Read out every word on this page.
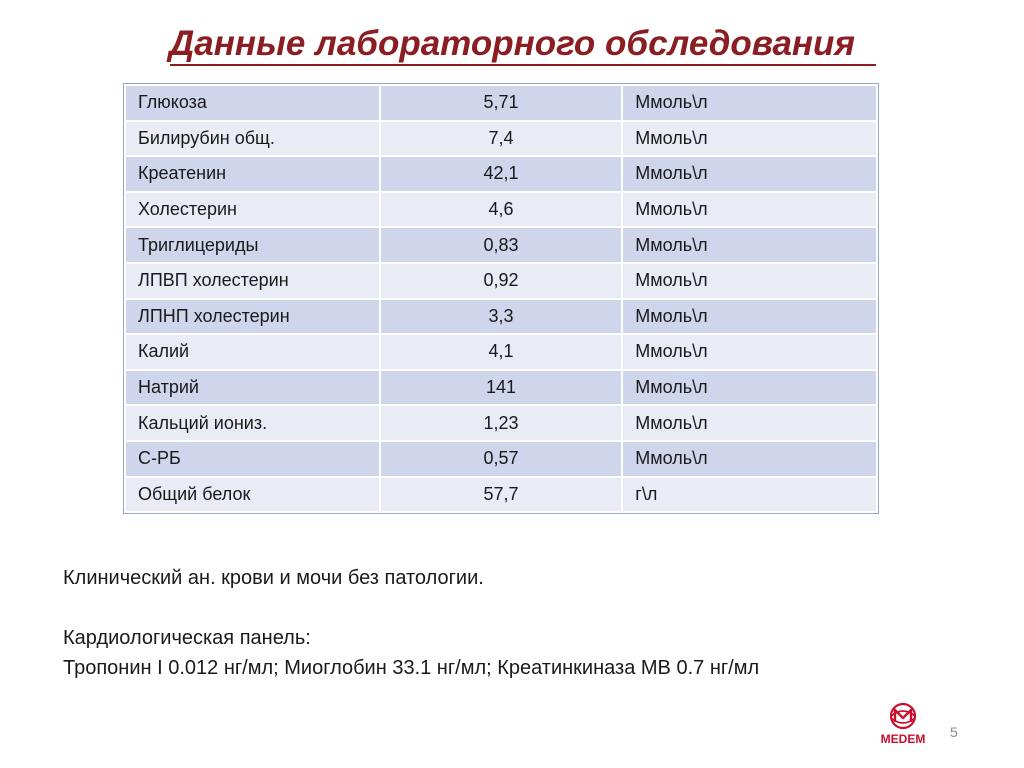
Данные лабораторного обследования
Глюкоза	5,71	Ммоль\л
Билирубин общ.	7,4	Ммоль\л
Креатенин	42,1	Ммоль\л
Холестерин	4,6	Ммоль\л
Триглицериды	0,83	Ммоль\л
ЛПВП холестерин	0,92	Ммоль\л
ЛПНП холестерин	3,3	Ммоль\л
Калий	4,1	Ммоль\л
Натрий	141	Ммоль\л
Кальций иониз.	1,23	Ммоль\л
С-РБ	0,57	Ммоль\л
Общий белок	57,7	г\л
Клинический ан. крови и мочи без патологии.
Кардиологическая панель:
Тропонин I 0.012 нг/мл; Миоглобин 33.1 нг/мл; Креатинкиназа MB 0.7 нг/мл
MEDEM 5
